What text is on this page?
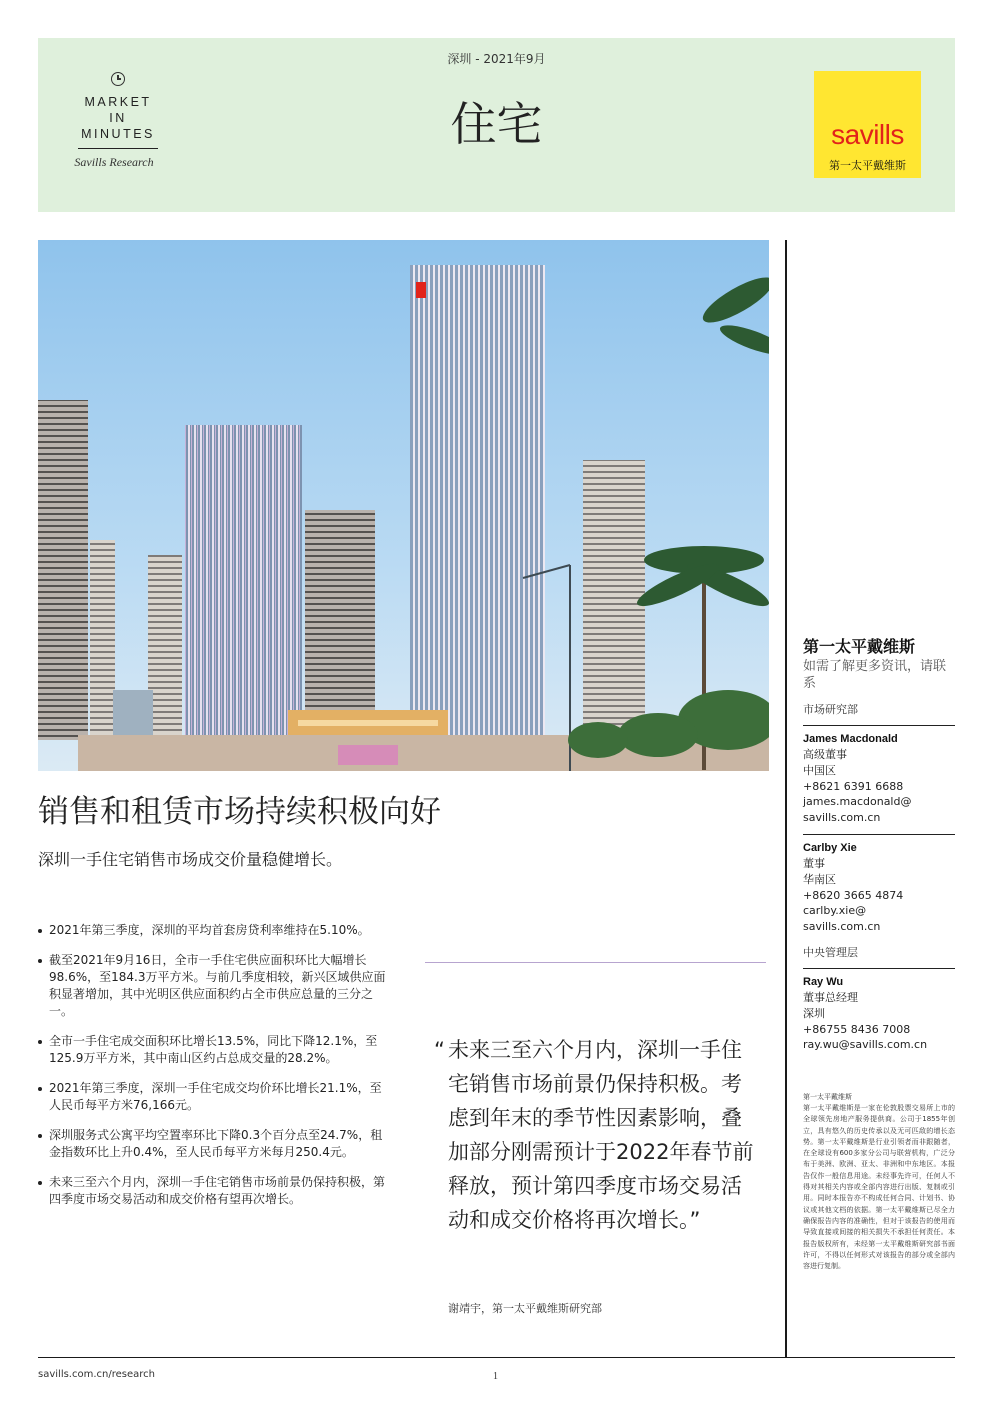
MARKET
IN
MINUTES
Savills Research
深圳 - 2021年9月
住宅	savills
第一太平戴维斯
销售和租赁市场持续积极向好
深圳一手住宅销售市场成交价量稳健增长。
2021年第三季度，深圳的平均首套房贷利率维持在5.10%。
截至2021年9月16日，全市一手住宅供应面积环比大幅增长98.6%，至184.3万平方米。与前几季度相较，新兴区域供应面积显著增加，其中光明区供应面积约占全市供应总量的三分之一。
全市一手住宅成交面积环比增长13.5%，同比下降12.1%，至125.9万平方米，其中南山区约占总成交量的28.2%。
2021年第三季度，深圳一手住宅成交均价环比增长21.1%，至人民币每平方米76,166元。
深圳服务式公寓平均空置率环比下降0.3个百分点至24.7%，租金指数环比上升0.4%，至人民币每平方米每月250.4元。
未来三至六个月内，深圳一手住宅销售市场前景仍保持积极，第四季度市场交易活动和成交价格有望再次增长。
“ 未来三至六个月内，深圳一手住宅销售市场前景仍保持积极。考虑到年末的季节性因素影响，叠加部分刚需预计于2022年春节前释放，预计第四季度市场交易活动和成交价格将再次增长。”
谢靖宇，第一太平戴维斯研究部
第一太平戴维斯
如需了解更多资讯，请联系
市场研究部
James Macdonald
高级董事
中国区
+8621 6391 6688
james.macdonald@
savills.com.cn
Carlby Xie
董事
华南区
+8620 3665 4874
carlby.xie@
savills.com.cn
中央管理层
Ray Wu
董事总经理
深圳
+86755 8436 7008
ray.wu@savills.com.cn
第一太平戴维斯
第一太平戴维斯是一家在伦敦股票交易所上市的全球领先房地产服务提供商。公司于1855年创立，具有悠久的历史传承以及无可匹敌的增长态势。第一太平戴维斯是行业引领者而非跟随者，在全球设有600多家分公司与联营机构，广泛分布于美洲、欧洲、亚太、非洲和中东地区。本报告仅作一般信息用途。未经事先许可，任何人不得对其相关内容或全部内容进行出版、复制或引用。同时本报告亦不构成任何合同、计划书、协议或其他文档的依据。第一太平戴维斯已尽全力确保报告内容的准确性，但对于该报告的使用而导致直接或间接的相关损失不承担任何责任。本报告版权所有，未经第一太平戴维斯研究部书面许可，不得以任何形式对该报告的部分或全部内容进行复制。
savills.com.cn/research	1
